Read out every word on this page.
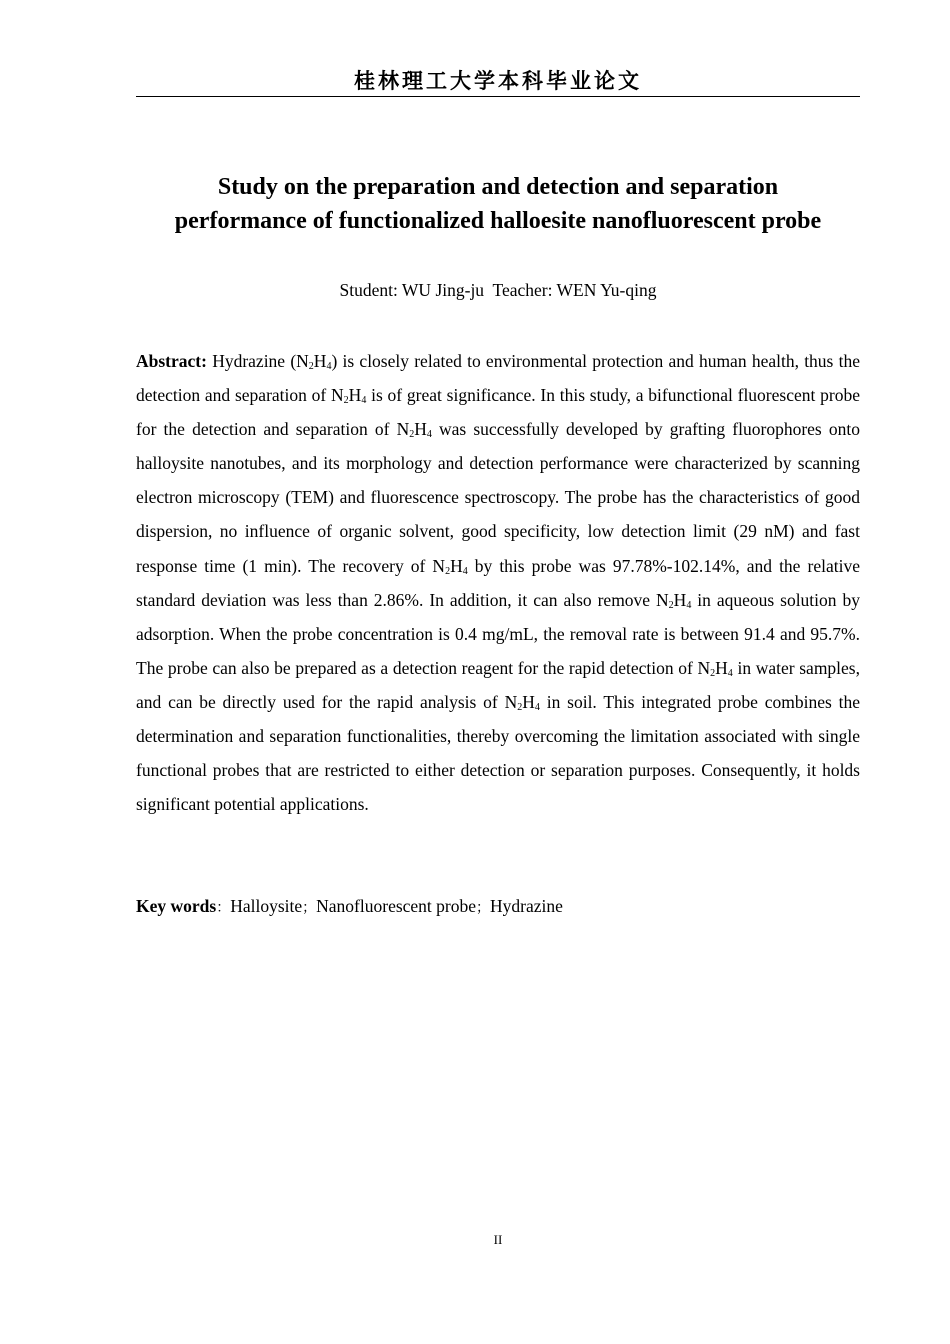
桂林理工大学本科毕业论文
Study on the preparation and detection and separation
performance of functionalized halloesite nanofluorescent probe
Student: WU Jing-ju  Teacher: WEN Yu-qing
Abstract: Hydrazine $(N_2H_4)$ is closely related to environmental protection and human health, thus the detection and separation of $N_2H_4$ is of great significance. In this study, a bifunctional fluorescent probe for the detection and separation of $N_2H_4$ was successfully developed by grafting fluorophores onto halloysite nanotubes, and its morphology and detection performance were characterized by scanning electron microscopy (TEM) and fluorescence spectroscopy. The probe has the characteristics of good dispersion, no influence of organic solvent, good specificity, low detection limit (29 nM) and fast response time (1 min). The recovery of $N_2H_4$ by this probe was 97.78%-102.14%, and the relative standard deviation was less than 2.86%. In addition, it can also remove $N_2H_4$ in aqueous solution by adsorption. When the probe concentration is 0.4 mg/mL, the removal rate is between 91.4 and 95.7%. The probe can also be prepared as a detection reagent for the rapid detection of $N_2H_4$ in water samples, and can be directly used for the rapid analysis of $N_2H_4$ in soil. This integrated probe combines the determination and separation functionalities, thereby overcoming the limitation associated with single functional probes that are restricted to either detection or separation purposes. Consequently, it holds significant potential applications.
Key words：Halloysite；Nanofluorescent probe；Hydrazine
II
